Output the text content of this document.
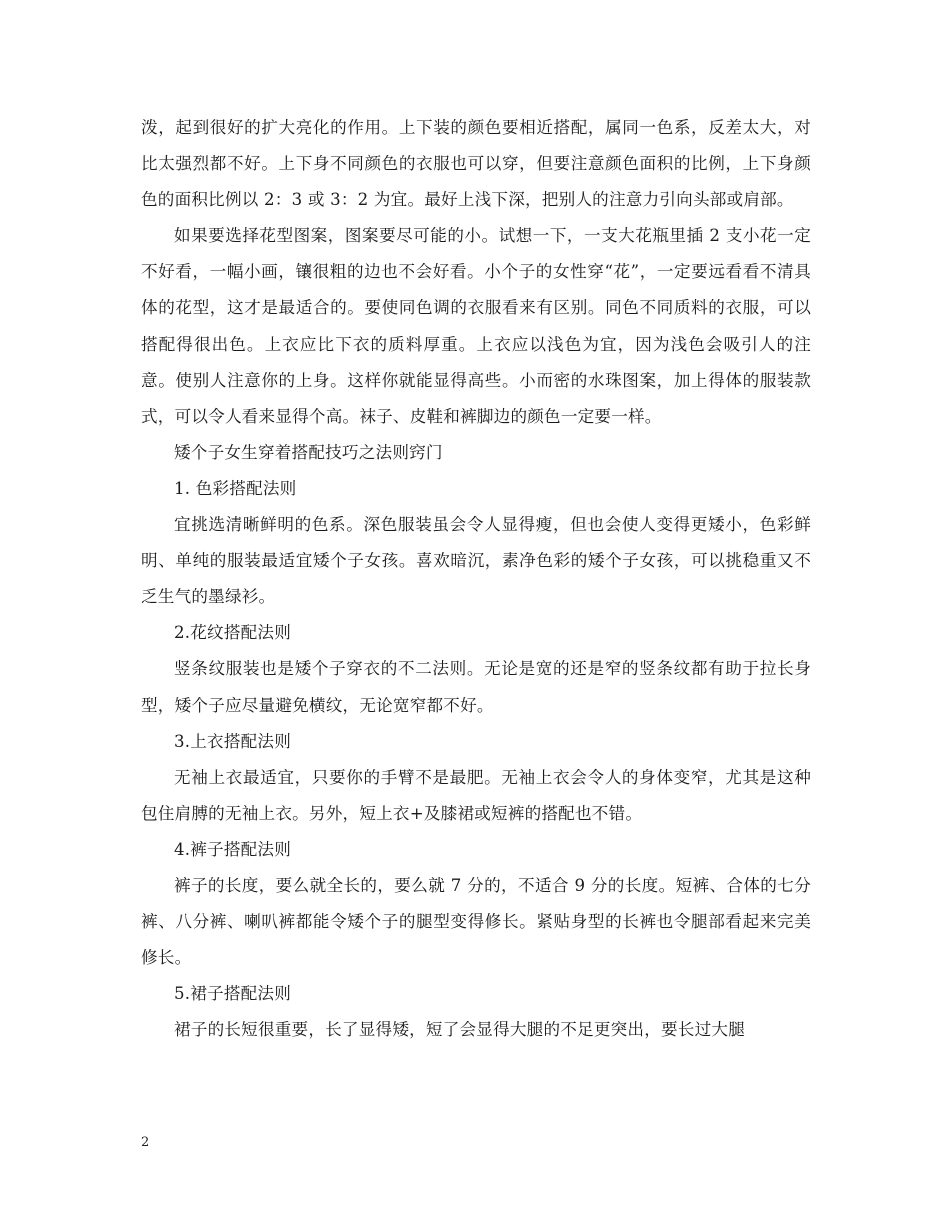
泼，起到很好的扩大亮化的作用。上下装的颜色要相近搭配，属同一色系，反差太大，对比太强烈都不好。上下身不同颜色的衣服也可以穿，但要注意颜色面积的比例，上下身颜色的面积比例以 2：3 或 3：2 为宜。最好上浅下深，把别人的注意力引向头部或肩部。

如果要选择花型图案，图案要尽可能的小。试想一下，一支大花瓶里插 2 支小花一定不好看，一幅小画，镶很粗的边也不会好看。小个子的女性穿“花”，一定要远看看不清具体的花型，这才是最适合的。要使同色调的衣服看来有区别。同色不同质料的衣服，可以搭配得很出色。上衣应比下衣的质料厚重。上衣应以浅色为宜，因为浅色会吸引人的注意。使别人注意你的上身。这样你就能显得高些。小而密的水珠图案，加上得体的服装款式，可以令人看来显得个高。袜子、皮鞋和裤脚边的颜色一定要一样。

矮个子女生穿着搭配技巧之法则窍门

1. 色彩搭配法则

宜挑选清晰鲜明的色系。深色服装虽会令人显得瘦，但也会使人变得更矮小，色彩鲜明、单纯的服装最适宜矮个子女孩。喜欢暗沉，素净色彩的矮个子女孩，可以挑稳重又不乏生气的墨绿衫。

2.花纹搭配法则

竖条纹服装也是矮个子穿衣的不二法则。无论是宽的还是窄的竖条纹都有助于拉长身型，矮个子应尽量避免横纹，无论宽窄都不好。

3.上衣搭配法则

无袖上衣最适宜，只要你的手臂不是最肥。无袖上衣会令人的身体变窄，尤其是这种包住肩膊的无袖上衣。另外，短上衣+及膝裙或短裤的搭配也不错。

4.裤子搭配法则

裤子的长度，要么就全长的，要么就 7 分的，不适合 9 分的长度。短裤、合体的七分裤、八分裤、喇叭裤都能令矮个子的腿型变得修长。紧贴身型的长裤也令腿部看起来完美修长。

5.裙子搭配法则

裙子的长短很重要，长了显得矮，短了会显得大腿的不足更突出，要长过大腿

2
